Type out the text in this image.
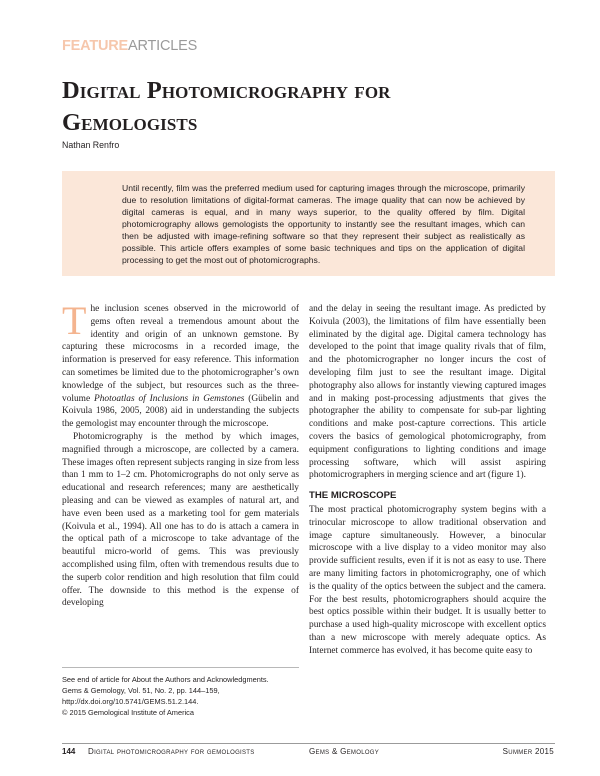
FEATUREARTICLES
Digital Photomicrography for Gemologists
Nathan Renfro
Until recently, film was the preferred medium used for capturing images through the microscope, primarily due to resolution limitations of digital-format cameras. The image quality that can now be achieved by digital cameras is equal, and in many ways superior, to the quality offered by film. Digital photomicrography allows gemologists the opportunity to instantly see the resultant images, which can then be adjusted with image-refining software so that they represent their subject as realistically as possible. This article offers examples of some basic techniques and tips on the application of digital processing to get the most out of photomicrographs.

The inclusion scenes observed in the microworld of gems often reveal a tremendous amount about the identity and origin of an unknown gemstone. By capturing these microcosms in a recorded image, the information is preserved for easy reference. This information can sometimes be limited due to the photomicrographer’s own knowledge of the subject, but resources such as the three-volume Photoatlas of Inclusions in Gemstones (Gübelin and Koivula 1986, 2005, 2008) aid in understanding the subjects the gemologist may encounter through the microscope.

Photomicrography is the method by which images, magnified through a microscope, are collected by a camera. These images often represent subjects ranging in size from less than 1 mm to 1–2 cm. Photomicrographs do not only serve as educational and research references; many are aesthetically pleasing and can be viewed as examples of natural art, and have even been used as a marketing tool for gem materials (Koivula et al., 1994). All one has to do is attach a camera in the optical path of a microscope to take advantage of the beautiful micro-world of gems. This was previously accomplished using film, often with tremendous results due to the superb color rendition and high resolution that film could offer. The downside to this method is the expense of developing

and the delay in seeing the resultant image. As predicted by Koivula (2003), the limitations of film have essentially been eliminated by the digital age. Digital camera technology has developed to the point that image quality rivals that of film, and the photomicrographer no longer incurs the cost of developing film just to see the resultant image. Digital photography also allows for instantly viewing captured images and in making post-processing adjustments that gives the photographer the ability to compensate for sub-par lighting conditions and make post-capture corrections. This article covers the basics of gemological photomicrography, from equipment configurations to lighting conditions and image processing software, which will assist aspiring photomicrographers in merging science and art (figure 1).

THE MICROSCOPE

The most practical photomicrography system begins with a trinocular microscope to allow traditional observation and image capture simultaneously. However, a binocular microscope with a live display to a video monitor may also provide sufficient results, even if it is not as easy to use. There are many limiting factors in photomicrography, one of which is the quality of the optics between the subject and the camera. For the best results, photomicrographers should acquire the best optics possible within their budget. It is usually better to purchase a used high-quality microscope with excellent optics than a new microscope with merely adequate optics. As Internet commerce has evolved, it has become quite easy to

See end of article for About the Authors and Acknowledgments.
Gems & Gemology, Vol. 51, No. 2, pp. 144–159,
http://dx.doi.org/10.5741/GEMS.51.2.144.
© 2015 Gemological Institute of America
144 Digital photomicrography for gemologists	Gems & Gemology	Summer 2015
